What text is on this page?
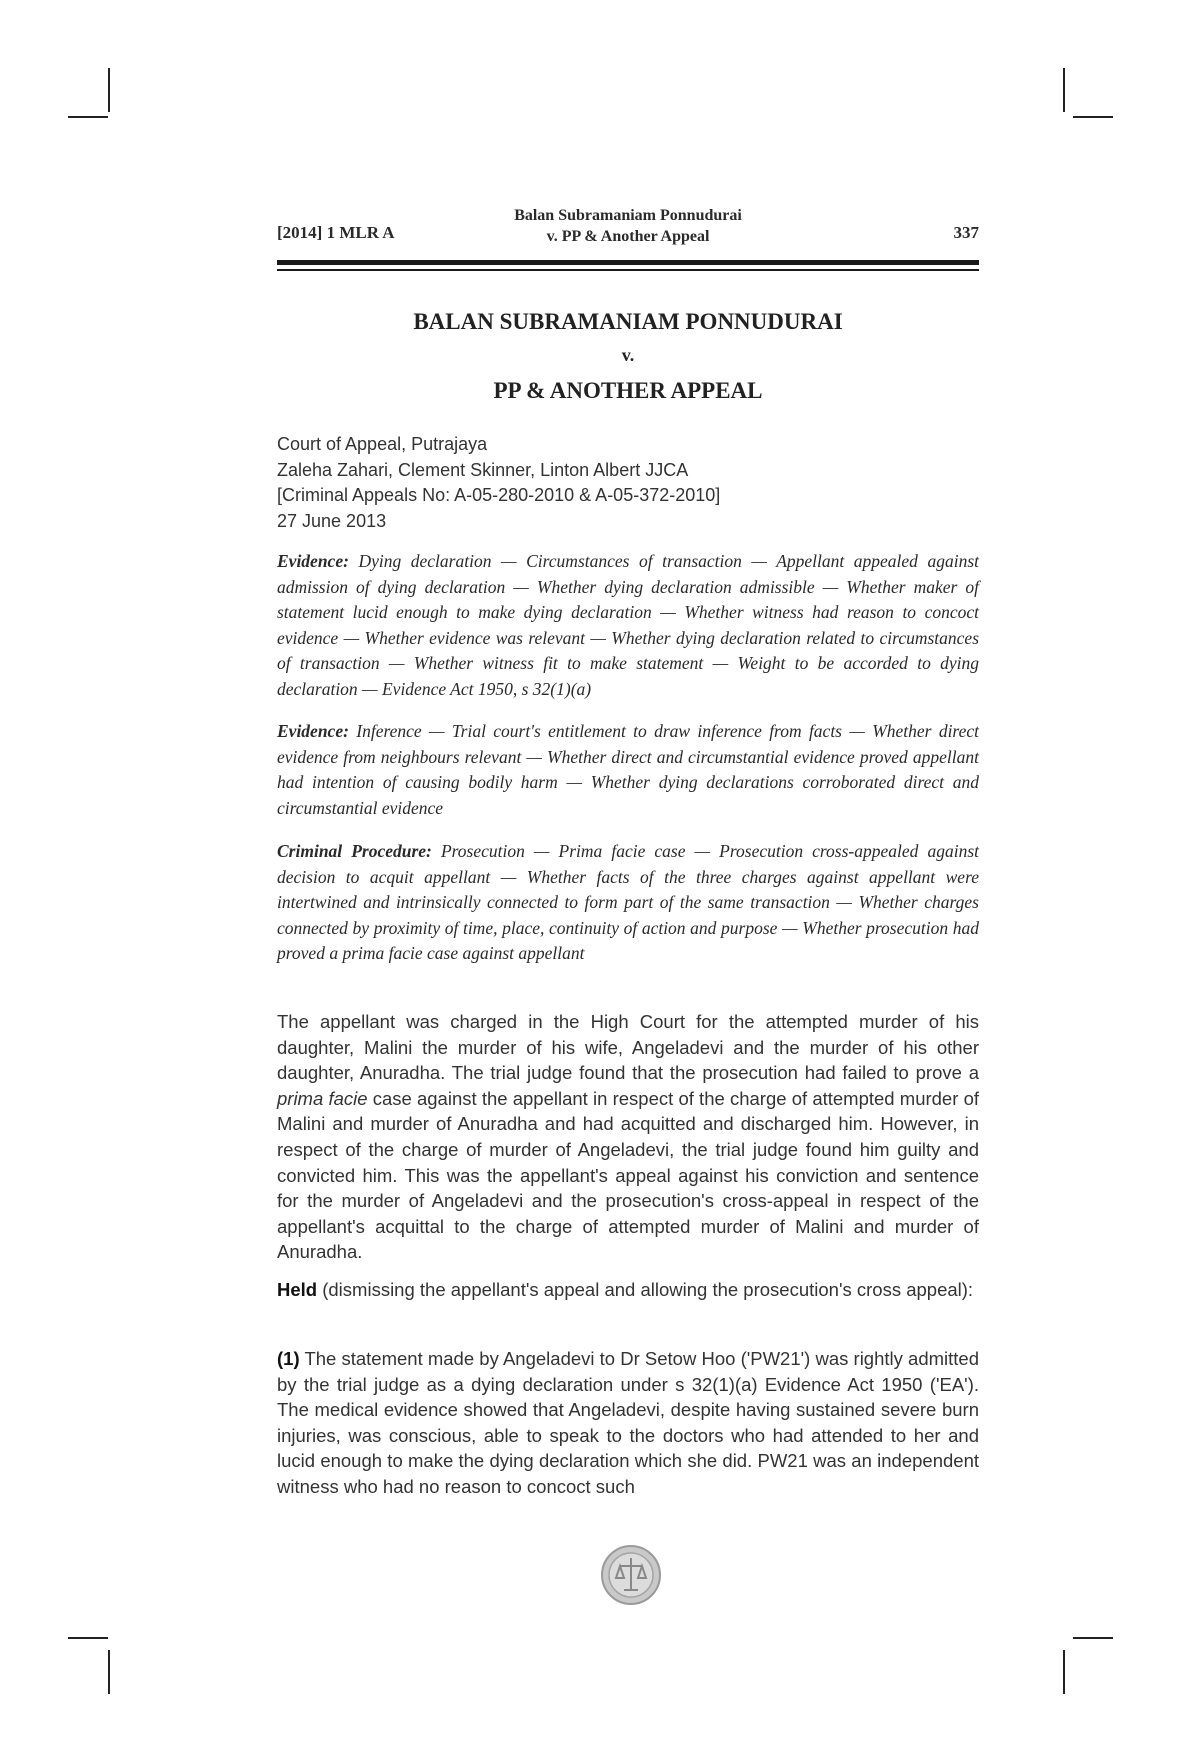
[2014] 1 MLR A
Balan Subramaniam Ponnudurai
v. PP & Another Appeal	337
BALAN SUBRAMANIAM PONNUDURAI
v.
PP & ANOTHER APPEAL
Court of Appeal, Putrajaya
Zaleha Zahari, Clement Skinner, Linton Albert JJCA
[Criminal Appeals No: A-05-280-2010 & A-05-372-2010]
27 June 2013
Evidence: Dying declaration — Circumstances of transaction — Appellant appealed against admission of dying declaration — Whether dying declaration admissible — Whether maker of statement lucid enough to make dying declaration — Whether witness had reason to concoct evidence — Whether evidence was relevant — Whether dying declaration related to circumstances of transaction — Whether witness fit to make statement — Weight to be accorded to dying declaration — Evidence Act 1950, s 32(1)(a)
Evidence: Inference — Trial court's entitlement to draw inference from facts — Whether direct evidence from neighbours relevant — Whether direct and circumstantial evidence proved appellant had intention of causing bodily harm — Whether dying declarations corroborated direct and circumstantial evidence
Criminal Procedure: Prosecution — Prima facie case — Prosecution cross-appealed against decision to acquit appellant — Whether facts of the three charges against appellant were intertwined and intrinsically connected to form part of the same transaction — Whether charges connected by proximity of time, place, continuity of action and purpose — Whether prosecution had proved a prima facie case against appellant
The appellant was charged in the High Court for the attempted murder of his daughter, Malini the murder of his wife, Angeladevi and the murder of his other daughter, Anuradha. The trial judge found that the prosecution had failed to prove a prima facie case against the appellant in respect of the charge of attempted murder of Malini and murder of Anuradha and had acquitted and discharged him. However, in respect of the charge of murder of Angeladevi, the trial judge found him guilty and convicted him. This was the appellant's appeal against his conviction and sentence for the murder of Angeladevi and the prosecution's cross-appeal in respect of the appellant's acquittal to the charge of attempted murder of Malini and murder of Anuradha.
Held (dismissing the appellant's appeal and allowing the prosecution's cross appeal):
(1) The statement made by Angeladevi to Dr Setow Hoo ('PW21') was rightly admitted by the trial judge as a dying declaration under s 32(1)(a) Evidence Act 1950 ('EA'). The medical evidence showed that Angeladevi, despite having sustained severe burn injuries, was conscious, able to speak to the doctors who had attended to her and lucid enough to make the dying declaration which she did. PW21 was an independent witness who had no reason to concoct such
